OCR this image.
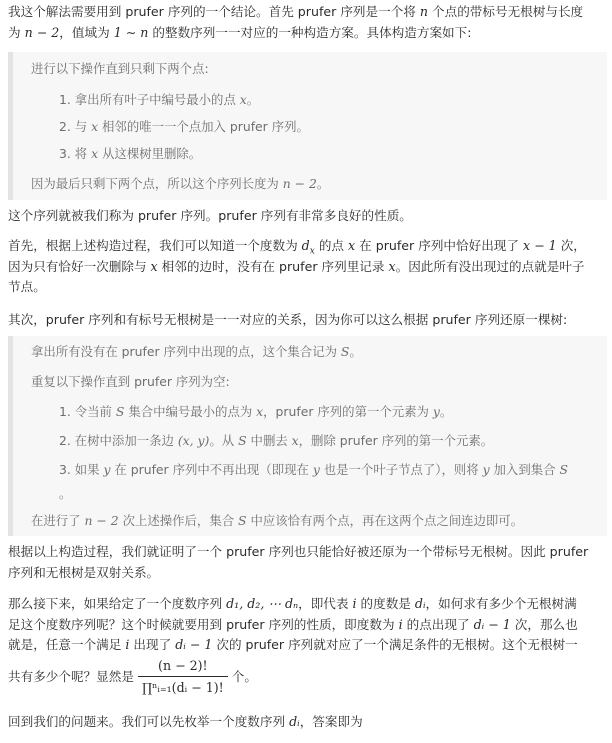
我这个解法需要用到 prufer 序列的一个结论。首先 prufer 序列是一个将 n 个点的带标号无根树与长度
为 n − 2，值域为 1 ∼ n 的整数序列一一对应的一种构造方案。具体构造方案如下:

进行以下操作直到只剩下两个点:

1. 拿出所有叶子中编号最小的点 x。
2. 与 x 相邻的唯一一个点加入 prufer 序列。
3. 将 x 从这棵树里删除。

因为最后只剩下两个点，所以这个序列长度为 n − 2。

这个序列就被我们称为 prufer 序列。prufer 序列有非常多良好的性质。

首先，根据上述构造过程，我们可以知道一个度数为 $d_x$ 的点 x 在 prufer 序列中恰好出现了 x − 1 次，
因为只有恰好一次删除与 x 相邻的边时，没有在 prufer 序列里记录 x。因此所有没出现过的点就是叶子
节点。

其次，prufer 序列和有标号无根树是一一对应的关系，因为你可以这么根据 prufer 序列还原一棵树:

拿出所有没有在 prufer 序列中出现的点，这个集合记为 S。

重复以下操作直到 prufer 序列为空:

1. 令当前 S 集合中编号最小的点为 x，prufer 序列的第一个元素为 y。
2. 在树中添加一条边 (x, y)。从 S 中删去 x，删除 prufer 序列的第一个元素。
3. 如果 y 在 prufer 序列中不再出现（即现在 y 也是一个叶子节点了），则将 y 加入到集合 S
。

在进行了 n − 2 次上述操作后，集合 S 中应该恰有两个点，再在这两个点之间连边即可。

根据以上构造过程，我们就证明了一个 prufer 序列也只能恰好被还原为一个带标号无根树。因此 prufer
序列和无根树是双射关系。

那么接下来，如果给定了一个度数序列 d₁, d₂, ⋯ dₙ，即代表 i 的度数是 dᵢ，如何求有多少个无根树满
足这个度数序列呢？这个时候就要用到 prufer 序列的性质，即度数为 i 的点出现了 dᵢ − 1 次，那么也
就是，任意一个满足 i 出现了 dᵢ − 1 次的 prufer 序列就对应了一个满足条件的无根树。这个无根树一
共有多少个呢？显然是 $\frac{(n - 2)!}{\text{∏ⁿᵢ₌₁(dᵢ − 1)!}}$ 个。

回到我们的问题来。我们可以先枚举一个度数序列 dᵢ，答案即为
